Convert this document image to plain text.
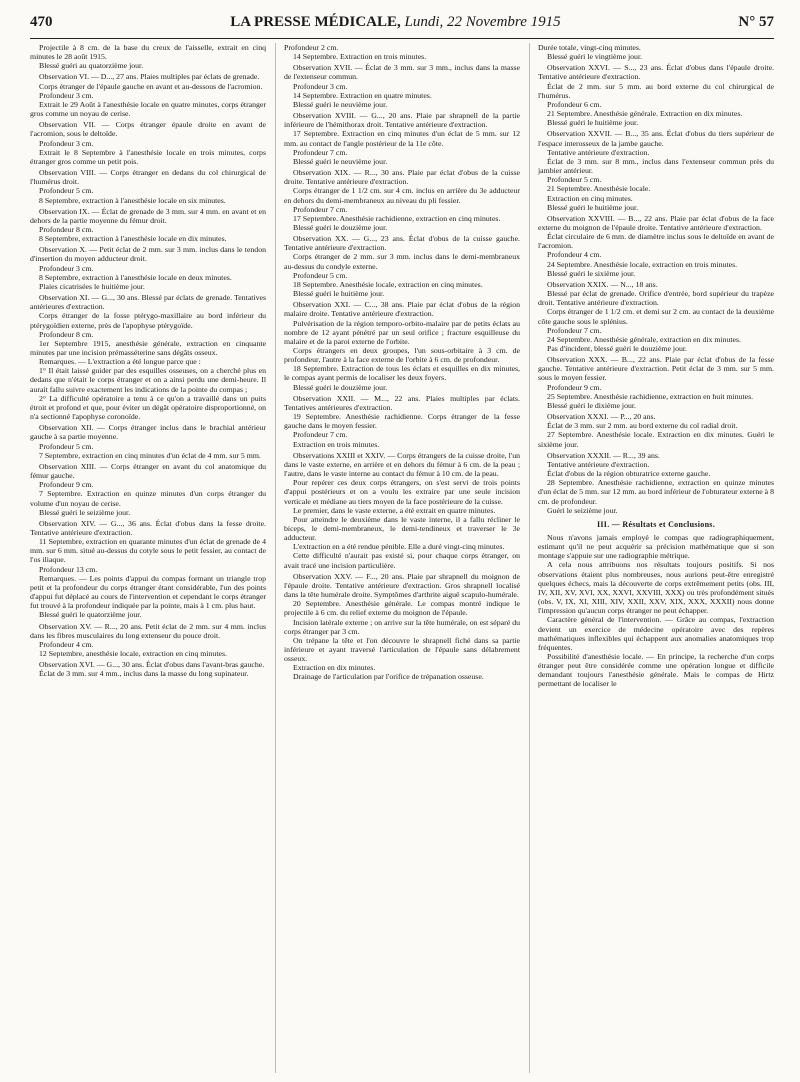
470	LA PRESSE MÉDICALE, Lundi, 22 Novembre 1915	N° 57

Projectile à 8 cm. de la base du creux de l'aisselle, extrait en cinq minutes le 28 août 1915.

Blessé guéri au quatorzième jour.

Observation VI. — D..., 27 ans. Plaies multiples par éclats de grenade.

Corps étranger de l'épaule gauche en avant et au-dessous de l'acromion.

Profondeur 3 cm.

Extrait le 29 Août à l'anesthésie locale en quatre minutes, corps étranger gros comme un noyau de cerise.

Observation VII. — Corps étranger épaule droite en avant de l'acromion, sous le deltoïde.

Profondeur 3 cm.

Extrait le 8 Septembre à l'anesthésie locale en trois minutes, corps étranger gros comme un petit pois.

Observation VIII. — Corps étranger en dedans du col chirurgical de l'humérus droit.

Profondeur 5 cm.

8 Septembre, extraction à l'anesthésie locale en six minutes.

Observation IX. — Éclat de grenade de 3 mm. sur 4 mm. en avant et en dehors de la partie moyenne du fémur droit.

Profondeur 8 cm.

8 Septembre, extraction à l'anesthésie locale en dix minutes.

Observation X. — Petit éclat de 2 mm. sur 3 mm. inclus dans le tendon d'insertion du moyen adducteur droit.

Profondeur 3 cm.

8 Septembre, extraction à l'anesthésie locale en deux minutes.

Plaies cicatrisées le huitième jour.

Observation XI. — G..., 30 ans. Blessé par éclats de grenade. Tentatives antérieures d'extraction.

Corps étranger de la fosse ptérygo-maxillaire au bord inférieur du ptérygoïdien externe, près de l'apophyse ptérygoïde.

Profondeur 8 cm.

1er Septembre 1915, anesthésie générale, extraction en cinquante minutes par une incision prémasséterine sans dégâts osseux.

Remarques. — L'extraction a été longue parce que :

1° Il était laissé guider par des esquilles osseuses, on a cherché plus en dedans que n'était le corps étranger et on a ainsi perdu une demi-heure. Il aurait fallu suivre exactement les indications de la pointe du compas ;

2° La difficulté opératoire a tenu à ce qu'on a travaillé dans un puits étroit et profond et que, pour éviter un dégât opératoire disproportionné, on n'a sectionné l'apophyse coronoïde.

Observation XII. — Corps étranger inclus dans le brachial antérieur gauche à sa partie moyenne.

Profondeur 5 cm.

7 Septembre, extraction en cinq minutes d'un éclat de 4 mm. sur 5 mm.

Observation XIII. — Corps étranger en avant du col anatomique du fémur gauche.

Profondeur 9 cm.

7 Septembre. Extraction en quinze minutes d'un corps étranger du volume d'un noyau de cerise.

Blessé guéri le seizième jour.

Observation XIV. — G..., 36 ans. Éclat d'obus dans la fesse droite. Tentative antérieure d'extraction.

11 Septembre, extraction en quarante minutes d'un éclat de grenade de 4 mm. sur 6 mm. situé au-dessus du cotyle sous le petit fessier, au contact de l'os iliaque.

Profondeur 13 cm.

Remarques. — Les points d'appui du compas formant un triangle trop petit et la profondeur du corps étranger étant considérable, l'un des points d'appui fut déplacé au cours de l'intervention et cependant le corps étranger fut trouvé à la profondeur indiquée par la pointe, mais à 1 cm. plus haut.

Blessé guéri le quatorzième jour.

Observation XV. — R..., 20 ans. Petit éclat de 2 mm. sur 4 mm. inclus dans les fibres musculaires du long extenseur du pouce droit.

Profondeur 4 cm.

12 Septembre, anesthésie locale, extraction en cinq minutes.

Observation XVI. — G..., 30 ans. Éclat d'obus dans l'avant-bras gauche.

Éclat de 3 mm. sur 4 mm., inclus dans la masse du long supinateur.

Profondeur 2 cm.

14 Septembre. Extraction en trois minutes.

Observation XVII. — Éclat de 3 mm. sur 3 mm., inclus dans la masse de l'extenseur commun.

Profondeur 3 cm.

14 Septembre. Extraction en quatre minutes.

Blessé guéri le neuvième jour.

Observation XVIII. — G..., 20 ans. Plaie par shrapnell de la partie inférieure de l'hémithorax droit. Tentative antérieure d'extraction.

17 Septembre. Extraction en cinq minutes d'un éclat de 5 mm. sur 12 mm. au contact de l'angle postérieur de la 11e côte.

Profondeur 7 cm.

Blessé guéri le neuvième jour.

Observation XIX. — R..., 30 ans. Plaie par éclat d'obus de la cuisse droite. Tentative antérieure d'extraction.

Corps étranger de 1 1/2 cm. sur 4 cm. inclus en arrière du 3e adducteur en dehors du demi-membraneux au niveau du pli fessier.

Profondeur 7 cm.

17 Septembre. Anesthésie rachidienne, extraction en cinq minutes.

Blessé guéri le douzième jour.

Observation XX. — G..., 23 ans. Éclat d'obus de la cuisse gauche. Tentative antérieure d'extraction.

Corps étranger de 2 mm. sur 3 mm. inclus dans le demi-membraneux au-dessus du condyle externe.

Profondeur 5 cm.

18 Septembre. Anesthésie locale, extraction en cinq minutes.

Blessé guéri le huitième jour.

Observation XXI. — C..., 38 ans. Plaie par éclat d'obus de la région malaire droite. Tentative antérieure d'extraction.

Pulvérisation de la région temporo-orbito-malaire par de petits éclats au nombre de 12 ayant pénétré par un seul orifice ; fracture esquilleuse du malaire et de la paroi externe de l'orbite.

Corps étrangers en deux groupes, l'un sous-orbitaire à 3 cm. de profondeur, l'autre à la face externe de l'orbite à 6 cm. de profondeur.

18 Septembre. Extraction de tous les éclats et esquilles en dix minutes, le compas ayant permis de localiser les deux foyers.

Blessé guéri le douzième jour.

Observation XXII. — M..., 22 ans. Plaies multiples par éclats. Tentatives antérieures d'extraction.

19 Septembre. Anesthésie rachidienne. Corps étranger de la fesse gauche dans le moyen fessier.

Profondeur 7 cm.

Extraction en trois minutes.

Observations XXIII et XXIV. — Corps étrangers de la cuisse droite, l'un dans le vaste externe, en arrière et en dehors du fémur à 6 cm. de la peau ; l'autre, dans le vaste interne au contact du fémur à 10 cm. de la peau.

Pour repérer ces deux corps étrangers, on s'est servi de trois points d'appui postérieurs et on a voulu les extraire par une seule incision verticale et médiane au tiers moyen de la face postérieure de la cuisse.

Le premier, dans le vaste externe, a été extrait en quatre minutes.

Pour atteindre le deuxième dans le vaste interne, il a fallu récliner le biceps, le demi-membraneux, le demi-tendineux et traverser le 3e adducteur.

L'extraction en a été rendue pénible. Elle a duré vingt-cinq minutes.

Cette difficulté n'aurait pas existé si, pour chaque corps étranger, on avait tracé une incision particulière.

Observation XXV. — F..., 20 ans. Plaie par shrapnell du moignon de l'épaule droite. Tentative antérieure d'extraction. Gros shrapnell localisé dans la tête humérale droite. Symptômes d'arthrite aiguë scapulo-humérale.

20 Septembre. Anesthésie générale. Le compas montré indique le projectile à 6 cm. du relief externe du moignon de l'épaule.

Incision latérale externe ; on arrive sur la tête humérale, on est séparé du corps étranger par 3 cm.

On trépane la tête et l'on découvre le shrapnell fiché dans sa partie inférieure et ayant traversé l'articulation de l'épaule sans délabrement osseux.

Extraction en dix minutes.

Drainage de l'articulation par l'orifice de trépanation osseuse.

Durée totale, vingt-cinq minutes.

Blessé guéri le vingtième jour.

Observation XXVI. — S..., 23 ans. Éclat d'obus dans l'épaule droite. Tentative antérieure d'extraction.

Éclat de 2 mm. sur 5 mm. au bord externe du col chirurgical de l'humérus.

Profondeur 6 cm.

21 Septembre. Anesthésie générale. Extraction en dix minutes.

Blessé guéri le huitième jour.

Observation XXVII. — B..., 35 ans. Éclat d'obus du tiers supérieur de l'espace interosseux de la jambe gauche.

Tentative antérieure d'extraction.

Éclat de 3 mm. sur 8 mm., inclus dans l'extenseur commun près du jambier antérieur.

Profondeur 5 cm.

21 Septembre. Anesthésie locale.

Extraction en cinq minutes.

Blessé guéri le huitième jour.

Observation XXVIII. — B..., 22 ans. Plaie par éclat d'obus de la face externe du moignon de l'épaule droite. Tentative antérieure d'extraction.

Éclat circulaire de 6 mm. de diamètre inclus sous le deltoïde en avant de l'acromion.

Profondeur 4 cm.

24 Septembre. Anesthésie locale, extraction en trois minutes.

Blessé guéri le sixième jour.

Observation XXIX. — N..., 18 ans.

Blessé par éclat de grenade. Orifice d'entrée, bord supérieur du trapèze droit. Tentative antérieure d'extraction.

Corps étranger de 1 1/2 cm. et demi sur 2 cm. au contact de la deuxième côte gauche sous le splénius.

Profondeur 7 cm.

24 Septembre. Anesthésie générale, extraction en dix minutes.

Pas d'incident, blessé guéri le douzième jour.

Observation XXX. — B..., 22 ans. Plaie par éclat d'obus de la fesse gauche. Tentative antérieure d'extraction. Petit éclat de 3 mm. sur 5 mm. sous le moyen fessier.

Profondeur 9 cm.

25 Septembre. Anesthésie rachidienne, extraction en huit minutes.

Blessé guéri le dixième jour.

Observation XXXI. — P..., 20 ans.

Éclat de 3 mm. sur 2 mm. au bord externe du col radial droit.

27 Septembre. Anesthésie locale. Extraction en dix minutes. Guéri le sixième jour.

Observation XXXII. — R..., 39 ans.

Tentative antérieure d'extraction.

Éclat d'obus de la région obturatrice externe gauche.

28 Septembre. Anesthésie rachidienne, extraction en quinze minutes d'un éclat de 5 mm. sur 12 mm. au bord inférieur de l'obturateur externe à 8 cm. de profondeur.

Guéri le seizième jour.

III. — Résultats et Conclusions.

Nous n'avons jamais employé le compas que radiographiquement, estimant qu'il ne peut acquérir sa précision mathématique que si son montage s'appuie sur une radiographie métrique.

A cela nous attribuons nos résultats toujours positifs. Si nos observations étaient plus nombreuses, nous aurions peut-être enregistré quelques échecs, mais la découverte de corps extrêmement petits (obs. III, IV, XII, XV, XVI, XX, XXVI, XXVIII, XXX) ou très profondément situés (obs. V, IX, XI, XIII, XIV, XXII, XXV, XIX, XXX, XXXII) nous donne l'impression qu'aucun corps étranger ne peut échapper.

Caractère général de l'intervention. — Grâce au compas, l'extraction devient un exercice de médecine opératoire avec des repères mathématiques inflexibles qui échappent aux anomalies anatomiques trop fréquentes.

Possibilité d'anesthésie locale. — En principe, la recherche d'un corps étranger peut être considérée comme une opération longue et difficile demandant toujours l'anesthésie générale. Mais le compas de Hirtz permettant de localiser le
